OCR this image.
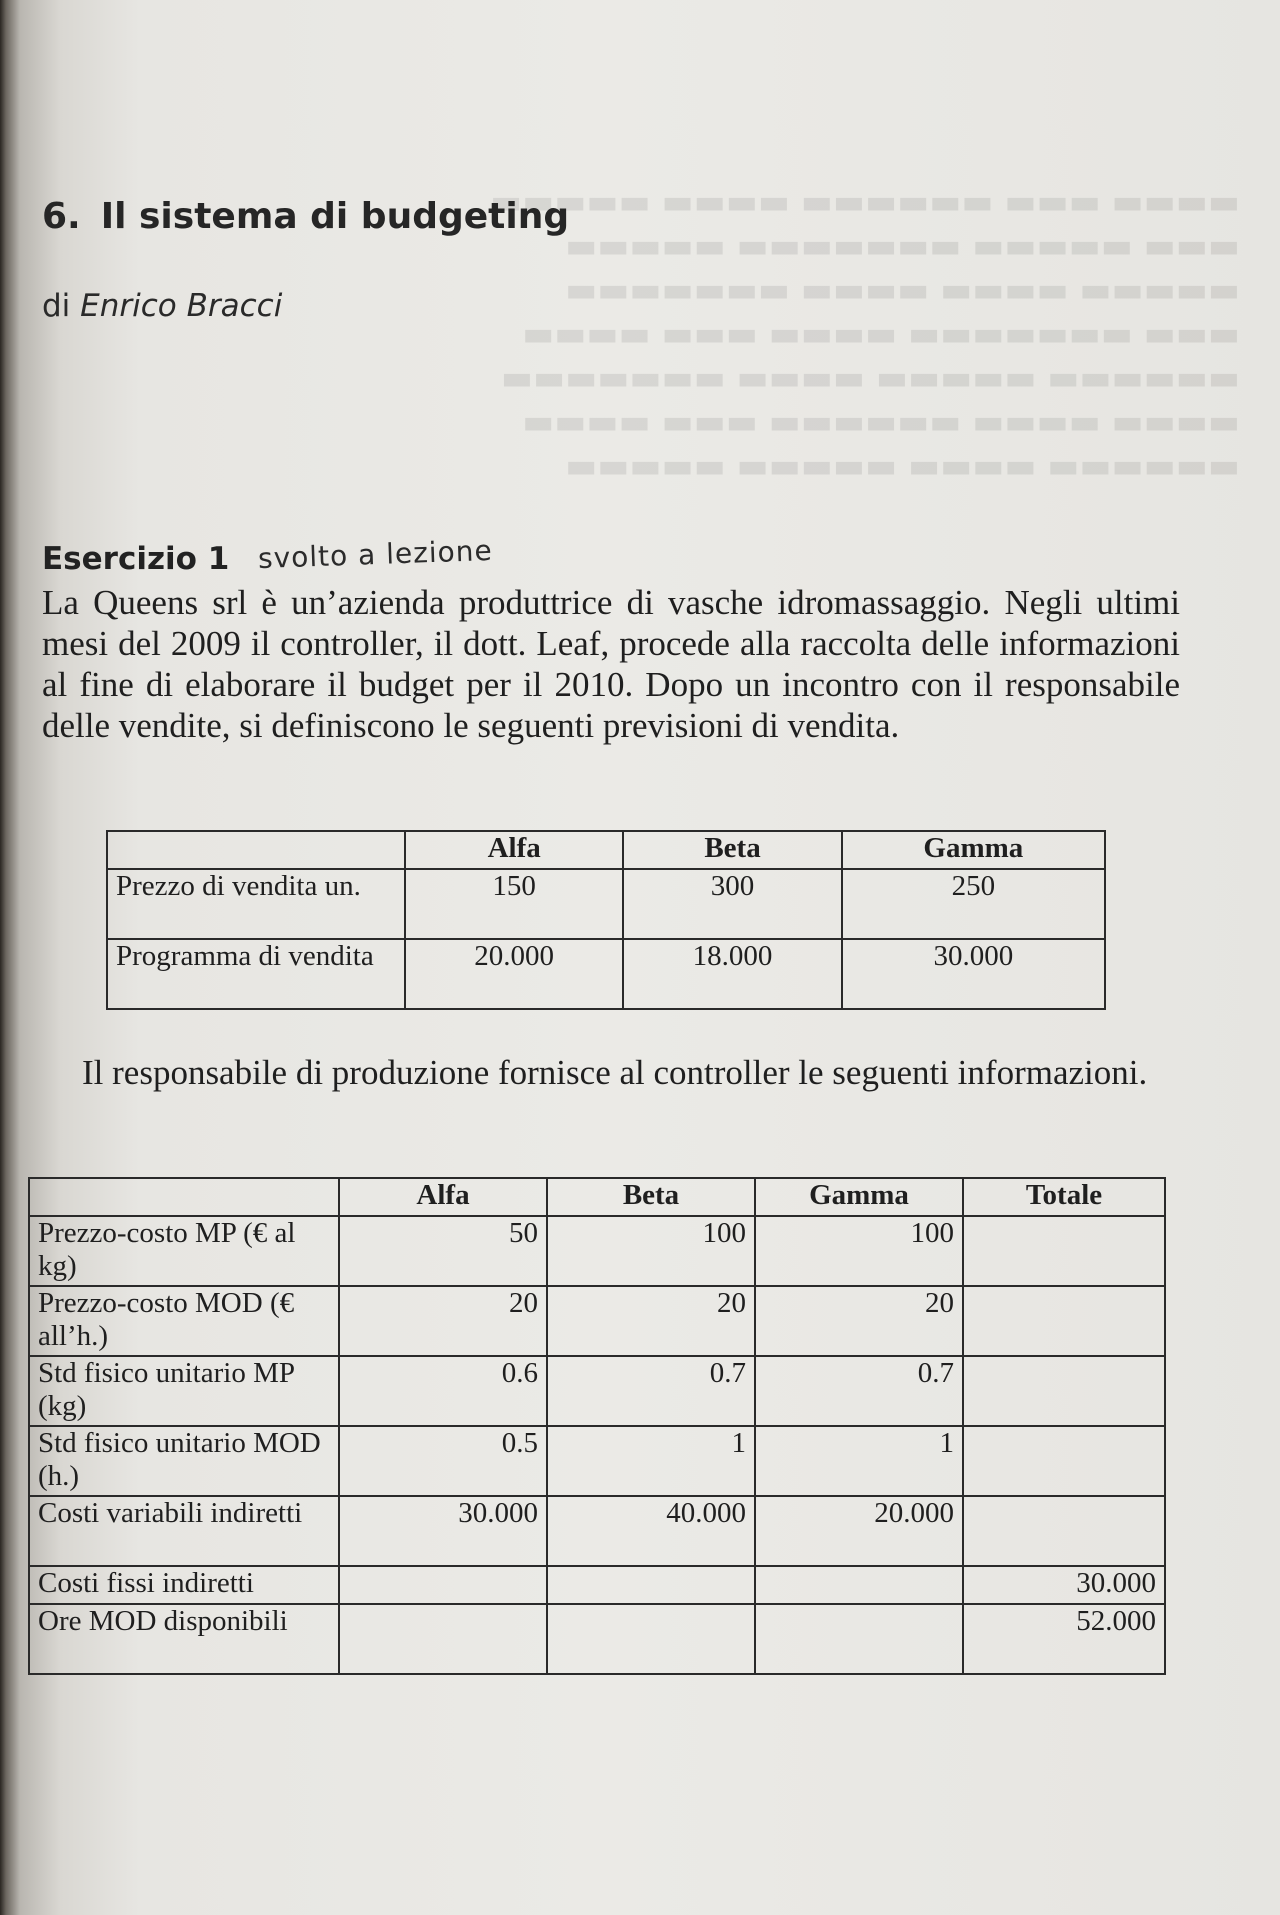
▬▬▬▬ ▬▬▬ ▬▬▬▬▬▬ ▬▬▬▬ ▬▬▬▬▬
▬▬▬ ▬▬▬▬▬ ▬▬▬▬▬▬▬ ▬▬▬▬▬
▬▬▬▬▬ ▬▬▬▬ ▬▬▬▬ ▬▬▬▬▬▬▬
▬▬▬ ▬▬▬▬▬▬▬ ▬▬▬▬ ▬▬▬ ▬▬▬▬
▬▬▬▬▬▬ ▬▬▬▬▬ ▬▬▬▬ ▬▬▬▬▬▬▬
▬▬▬▬ ▬▬▬▬ ▬▬▬▬▬▬ ▬▬▬ ▬▬▬▬
▬▬▬▬▬▬ ▬▬▬▬ ▬▬▬▬▬ ▬▬▬▬▬
6. Il sistema di budgeting
di Enrico Bracci
Esercizio 1 svolto a lezione
La Queens srl è un’azienda produttrice di vasche idromassaggio. Negli ultimi mesi del 2009 il controller, il dott. Leaf, procede alla raccolta delle informazioni al fine di elaborare il budget per il 2010. Dopo un incontro con il responsabile delle vendite, si definiscono le seguenti previsioni di vendita.
	Alfa	Beta	Gamma
Prezzo di vendita un.	150	300	250
Programma di vendita	20.000	18.000	30.000
Il responsabile di produzione fornisce al controller le seguenti informazioni.
	Alfa	Beta	Gamma	Totale
Prezzo-costo MP (€ al kg)	50	100	100	
Prezzo-costo MOD (€ all’h.)	20	20	20	
Std fisico unitario MP (kg)	0.6	0.7	0.7	
Std fisico unitario MOD (h.)	0.5	1	1	
Costi variabili indiretti	30.000	40.000	20.000	
Costi fissi indiretti				30.000
Ore MOD disponibili				52.000
